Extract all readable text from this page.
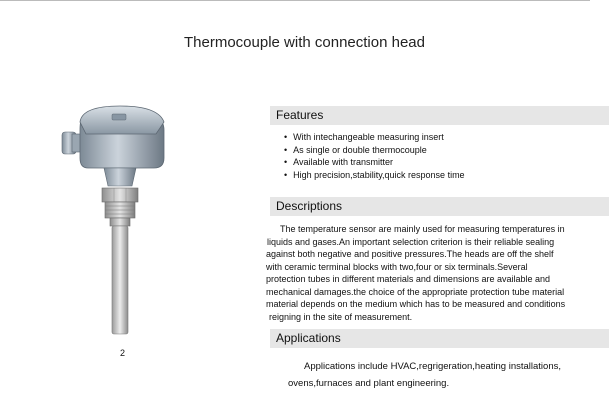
Thermocouple with connection head
2
Features
• With intechangeable measuring insert
• As single or double thermocouple
• Available with transmitter
• High precision,stability,quick response time
Descriptions
The temperature sensor are mainly used for measuring temperatures in
liquids and gases.An important selection criterion is their reliable sealing
against both negative and positive pressures.The heads are off the shelf
with ceramic terminal blocks with two,four or six terminals.Several
protection tubes in different materials and dimensions are available and
mechanical damages.the choice of the appropriate protection tube material
material depends on the medium which has to be measured and conditions
reigning in the site of measurement.
Applications
Applications include HVAC,regrigeration,heating installations,
ovens,furnaces and plant engineering.
